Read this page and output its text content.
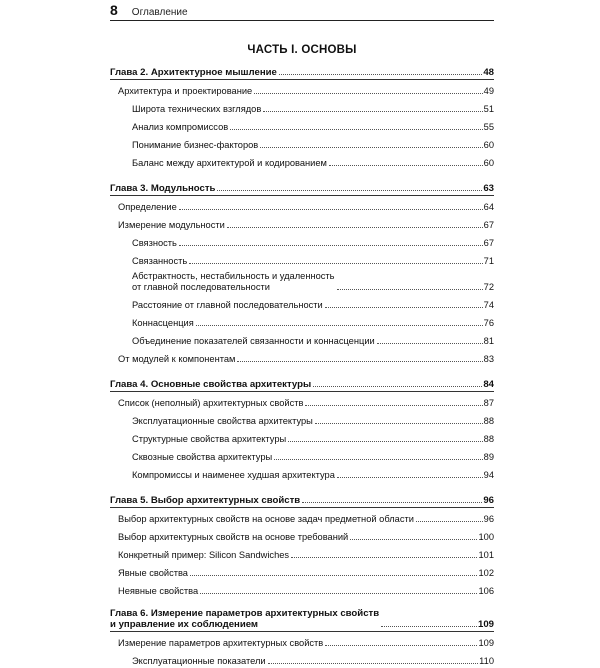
8 Оглавление
ЧАСТЬ I. ОСНОВЫ
Глава 2. Архитектурное мышление	48
Архитектура и проектирование	49
Широта технических взглядов	51
Анализ компромиссов	55
Понимание бизнес-факторов	60
Баланс между архитектурой и кодированием	60
Глава 3. Модульность	63
Определение	64
Измерение модульности	67
Связность	67
Связанность	71
Абстрактность, нестабильность и удаленность
от главной последовательности	72
Расстояние от главной последовательности	74
Коннасценция	76
Объединение показателей связанности и коннасценции	81
От модулей к компонентам	83
Глава 4. Основные свойства архитектуры	84
Список (неполный) архитектурных свойств	87
Эксплуатационные свойства архитектуры	88
Структурные свойства архитектуры	88
Сквозные свойства архитектуры	89
Компромиссы и наименее худшая архитектура	94
Глава 5. Выбор архитектурных свойств	96
Выбор архитектурных свойств на основе задач предметной области	96
Выбор архитектурных свойств на основе требований	100
Конкретный пример: Silicon Sandwiches	101
Явные свойства	102
Неявные свойства	106
Глава 6. Измерение параметров архитектурных свойств
и управление их соблюдением	109
Измерение параметров архитектурных свойств	109
Эксплуатационные показатели	110
